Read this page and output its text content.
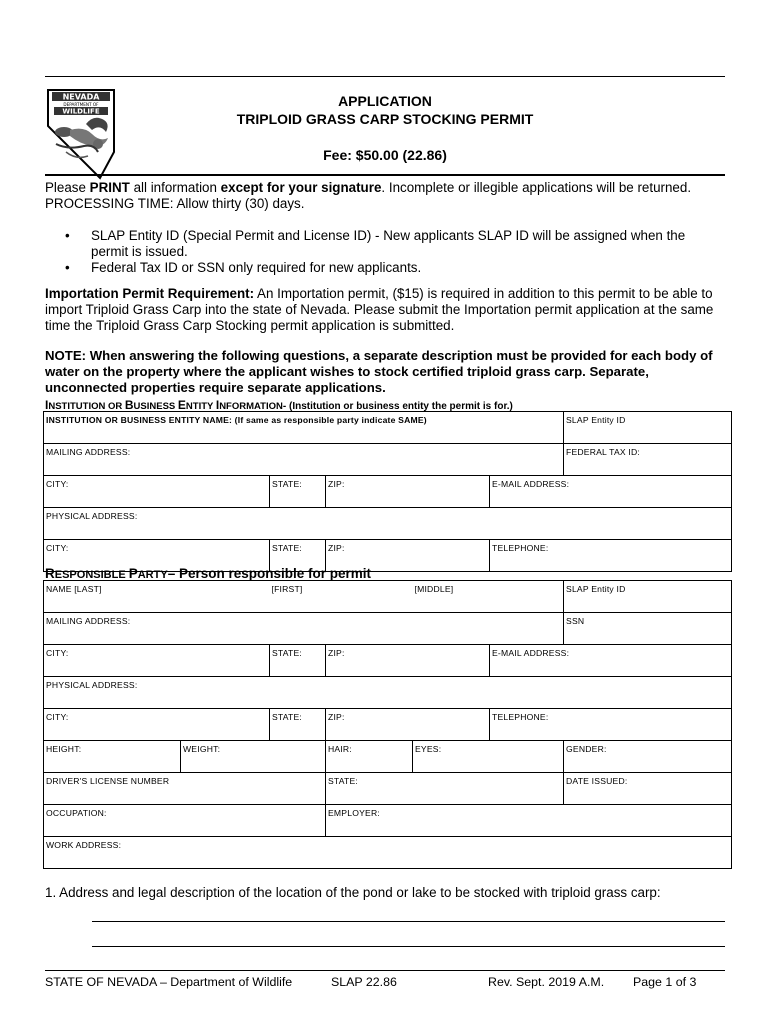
NEVADA
DEPARTMENT OF
WILDLIFE
APPLICATION
TRIPLOID GRASS CARP STOCKING PERMIT
Fee: $50.00 (22.86)
Please PRINT all information except for your signature. Incomplete or illegible applications will be returned.
PROCESSING TIME: Allow thirty (30) days.
• SLAP Entity ID (Special Permit and License ID) - New applicants SLAP ID will be assigned when the permit is issued.
• Federal Tax ID or SSN only required for new applicants.
Importation Permit Requirement: An Importation permit, ($15) is required in addition to this permit to be able to import Triploid Grass Carp into the state of Nevada. Please submit the Importation permit application at the same time the Triploid Grass Carp Stocking permit application is submitted.
NOTE: When answering the following questions, a separate description must be provided for each body of water on the property where the applicant wishes to stock certified triploid grass carp. Separate, unconnected properties require separate applications.
INSTITUTION OR BUSINESS ENTITY INFORMATION- (Institution or business entity the permit is for.)
INSTITUTION OR BUSINESS ENTITY NAME: (If same as responsible party indicate SAME)				SLAP Entity ID
MAILING ADDRESS:				FEDERAL TAX ID:
CITY:	STATE:	ZIP:	E-MAIL ADDRESS:	
PHYSICAL ADDRESS:				
CITY:	STATE:	ZIP:	TELEPHONE:	
RESPONSIBLE PARTY– Person responsible for permit
NAME [LAST]		[FIRST]		[MIDDLE]		SLAP Entity ID
MAILING ADDRESS:						SSN
CITY:		STATE:	ZIP:		E-MAIL ADDRESS:	
PHYSICAL ADDRESS:						
CITY:		STATE:	ZIP:		TELEPHONE:	
HEIGHT:	WEIGHT:		HAIR:	EYES:		GENDER:
DRIVER'S LICENSE NUMBER			STATE:			DATE ISSUED:
OCCUPATION:			EMPLOYER:			
WORK ADDRESS:						
1. Address and legal description of the location of the pond or lake to be stocked with triploid grass carp:
STATE OF NEVADA – Department of Wildlife	SLAP 22.86	Rev. Sept. 2019 A.M. Page 1 of 3
